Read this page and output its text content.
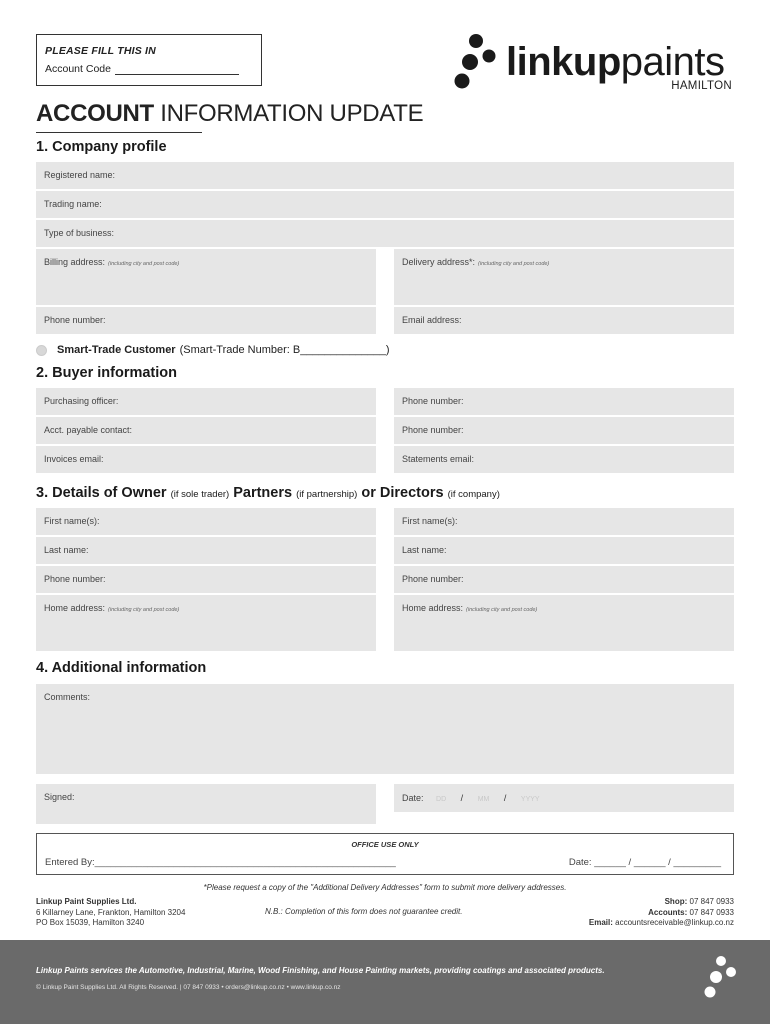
PLEASE FILL THIS IN
Account Code	linkuppaints
HAMILTON
ACCOUNT INFORMATION UPDATE
1. Company profile
Registered name:
Trading name:
Type of business:
Billing address: (including city and post code)	Delivery address*: (including city and post code)
Phone number:	Email address:
Smart-Trade Customer (Smart-Trade Number: B______________)
2. Buyer information
Purchasing officer:	Phone number:
Acct. payable contact:	Phone number:
Invoices email:	Statements email:
3. Details of Owner (if sole trader) Partners (if partnership) or Directors (if company)
First name(s):	First name(s):
Last name:	Last name:
Phone number:	Phone number:
Home address: (including city and post code)	Home address: (including city and post code)
4. Additional information
Comments:
Signed:	Date: DD / MM / YYYY
OFFICE USE ONLY
Entered By:_________________________________________________________	Date: ______ / ______ / _________
*Please request a copy of the "Additional Delivery Addresses" form to submit more delivery addresses.
Linkup Paint Supplies Ltd.
6 Killarney Lane, Frankton, Hamilton 3204
PO Box 15039, Hamilton 3240
N.B.: Completion of this form does not guarantee credit.
Shop: 07 847 0933
Accounts: 07 847 0933
Email: accountsreceivable@linkup.co.nz
Linkup Paints services the Automotive, Industrial, Marine, Wood Finishing, and House Painting markets, providing coatings and associated products.
© Linkup Paint Supplies Ltd. All Rights Reserved. | 07 847 0933 • orders@linkup.co.nz • www.linkup.co.nz
